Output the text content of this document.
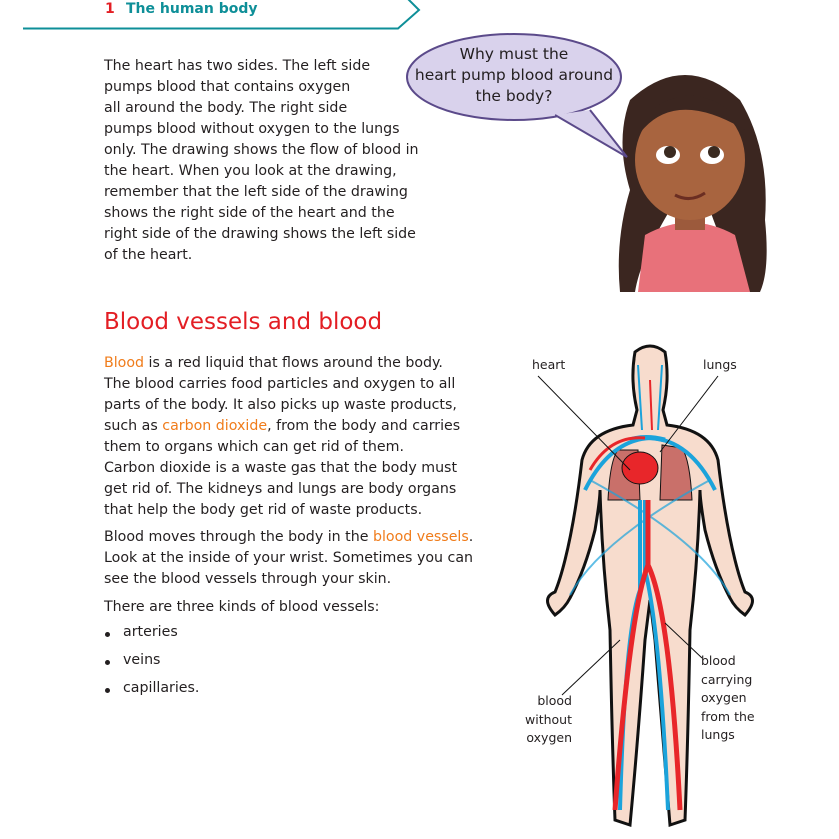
1 The human body
The heart has two sides. The left side
pumps blood that contains oxygen
all around the body. The right side
pumps blood without oxygen to the lungs
only. The drawing shows the flow of blood in
the heart. When you look at the drawing,
remember that the left side of the drawing
shows the right side of the heart and the
right side of the drawing shows the left side
of the heart.
Why must the
heart pump blood around
the body?
Blood vessels and blood
Blood is a red liquid that flows around the body.
The blood carries food particles and oxygen to all
parts of the body. It also picks up waste products,
such as carbon dioxide, from the body and carries
them to organs which can get rid of them.
Carbon dioxide is a waste gas that the body must
get rid of. The kidneys and lungs are body organs
that help the body get rid of waste products.
Blood moves through the body in the blood vessels.
Look at the inside of your wrist. Sometimes you can
see the blood vessels through your skin.
There are three kinds of blood vessels:
arteries
veins
capillaries.
heart	lungs
blood
without
oxygen
blood
carrying
oxygen
from the
lungs
